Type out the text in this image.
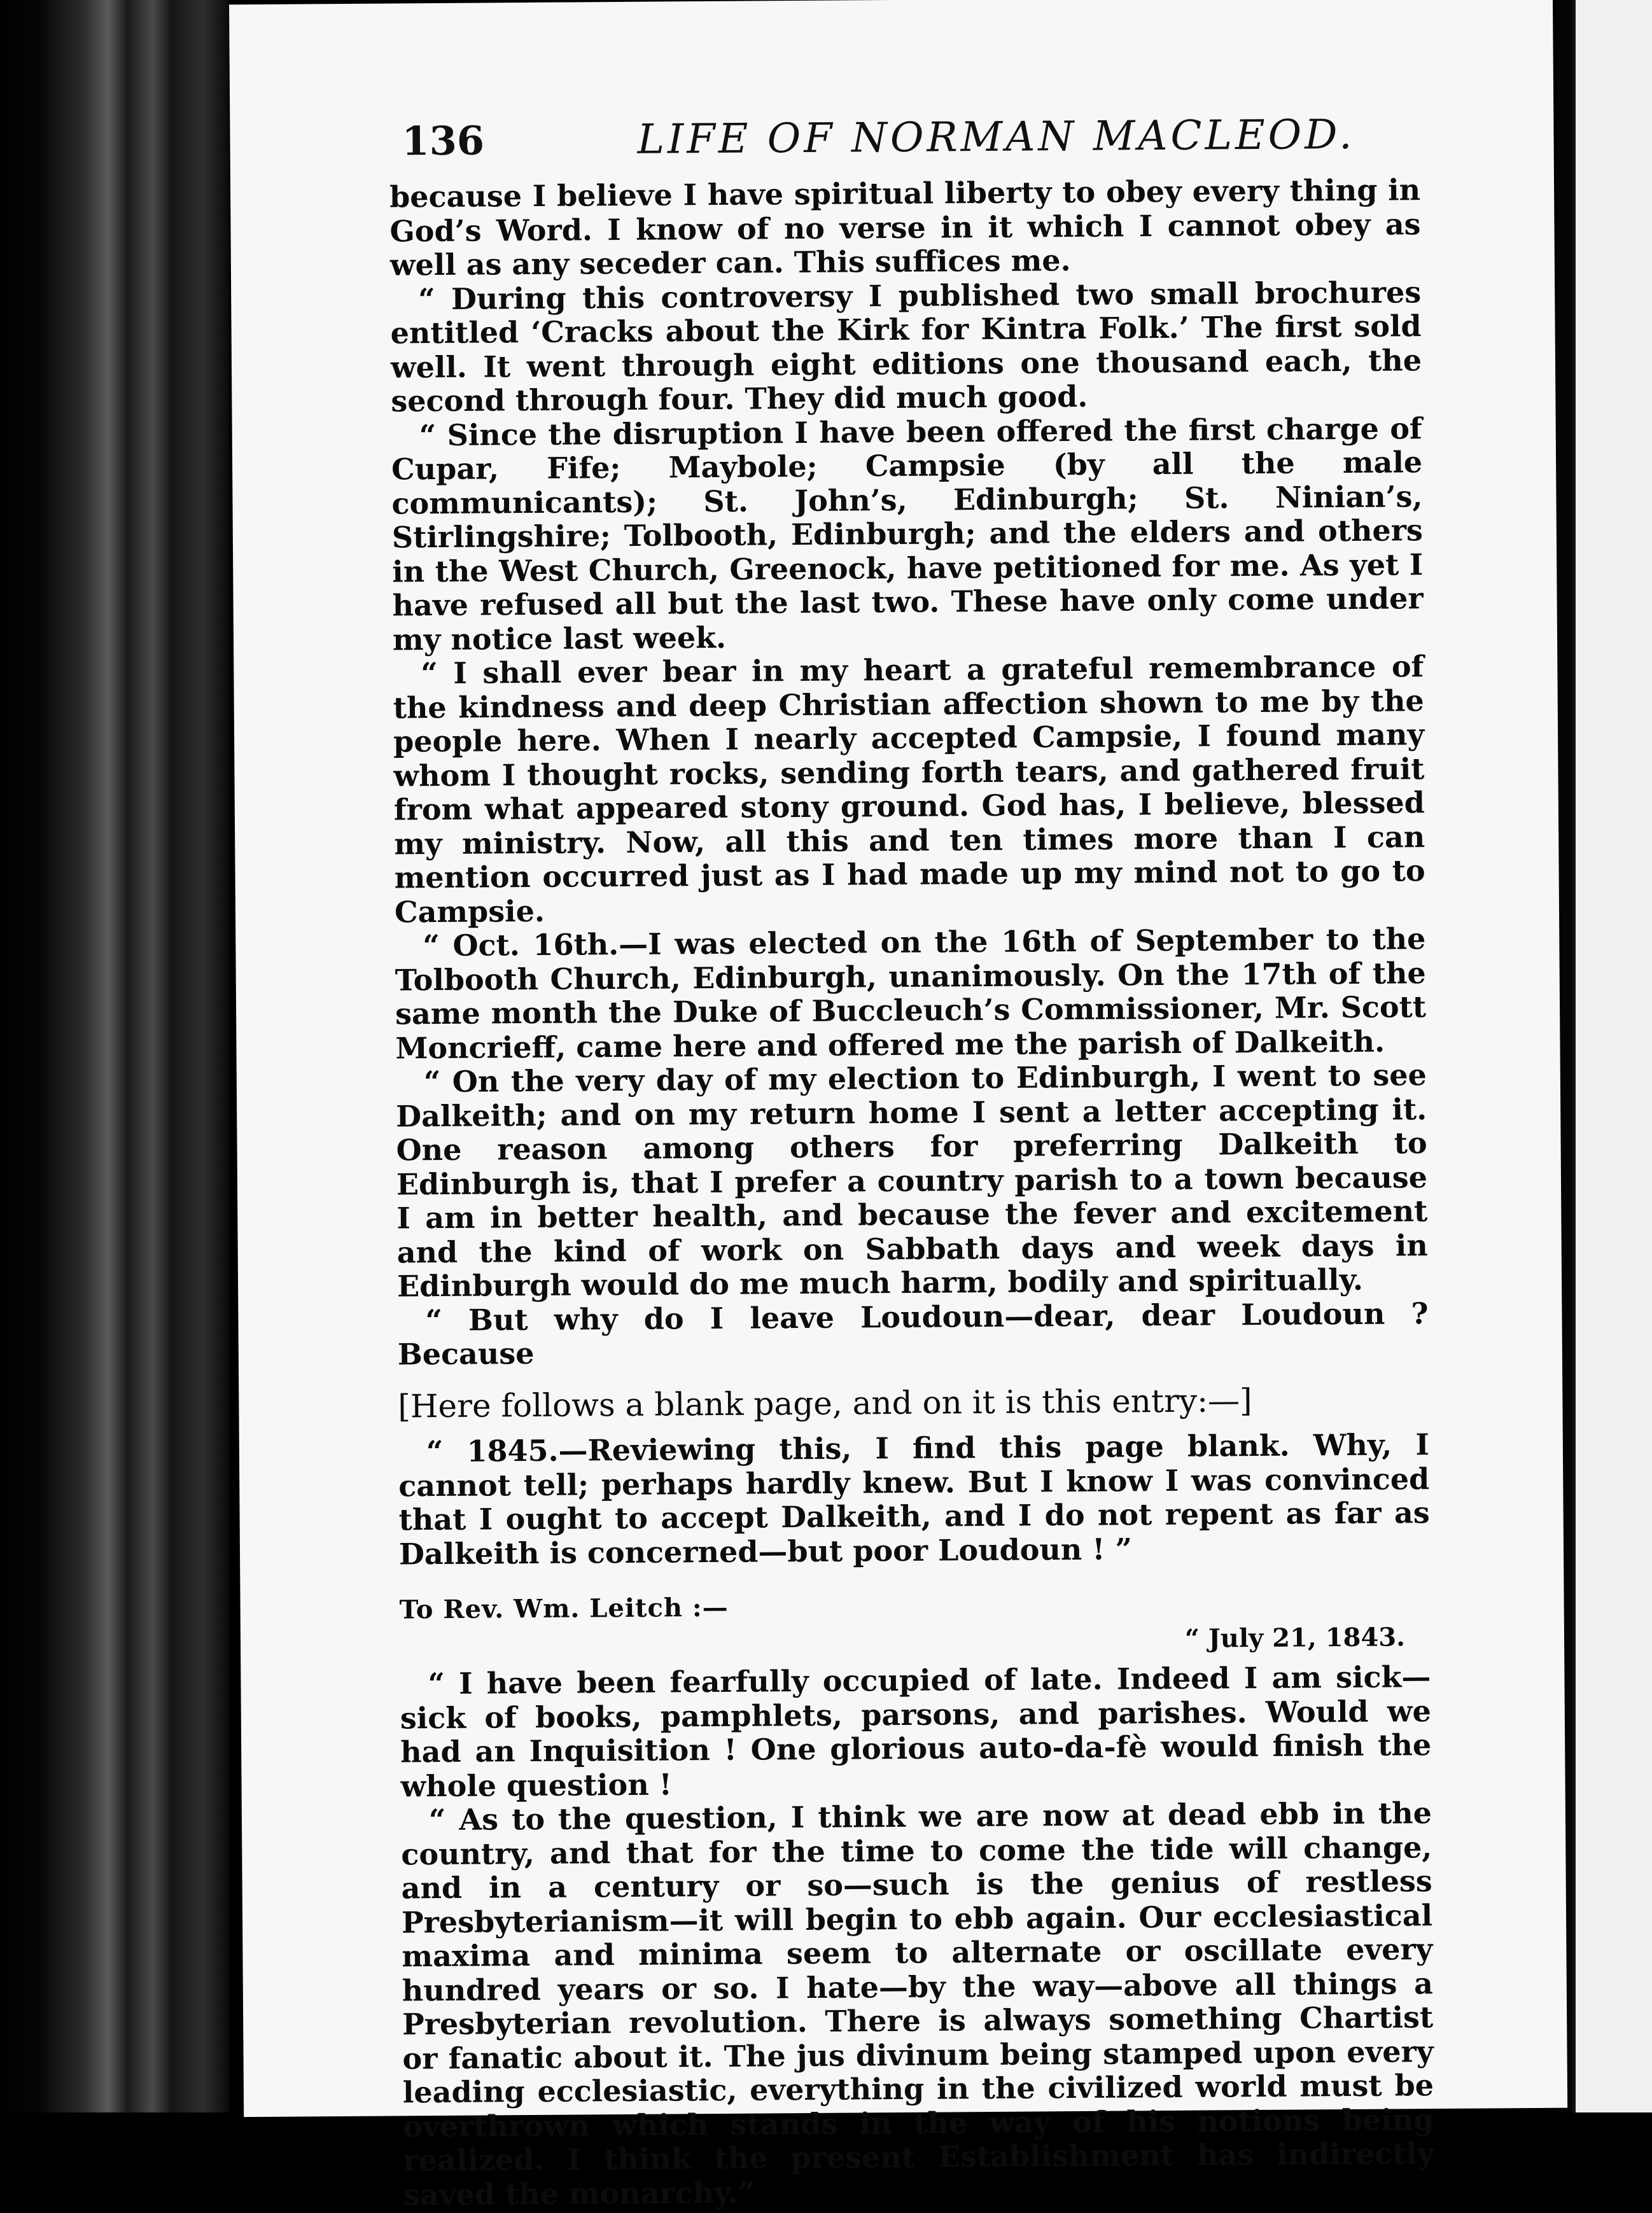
136	LIFE OF NORMAN MACLEOD.

because I believe I have spiritual liberty to obey every thing in God’s Word. I know of no verse in it which I cannot obey as well as any seceder can. This suffices me.

“ During this controversy I published two small brochures entitled ‘Cracks about the Kirk for Kintra Folk.’ The first sold well. It went through eight editions one thousand each, the second through four. They did much good.

“ Since the disruption I have been offered the first charge of Cupar, Fife; Maybole; Campsie (by all the male communicants); St. John’s, Edinburgh; St. Ninian’s, Stirlingshire; Tolbooth, Edinburgh; and the elders and others in the West Church, Greenock, have petitioned for me. As yet I have refused all but the last two. These have only come under my notice last week.

“ I shall ever bear in my heart a grateful remembrance of the kindness and deep Christian affection shown to me by the people here. When I nearly accepted Campsie, I found many whom I thought rocks, sending forth tears, and gathered fruit from what appeared stony ground. God has, I believe, blessed my ministry. Now, all this and ten times more than I can mention occurred just as I had made up my mind not to go to Campsie.

“ Oct. 16th.—I was elected on the 16th of September to the Tolbooth Church, Edinburgh, unanimously. On the 17th of the same month the Duke of Buccleuch’s Commissioner, Mr. Scott Moncrieff, came here and offered me the parish of Dalkeith.

“ On the very day of my election to Edinburgh, I went to see Dalkeith; and on my return home I sent a letter accepting it. One reason among others for preferring Dalkeith to Edinburgh is, that I prefer a country parish to a town because I am in better health, and because the fever and excitement and the kind of work on Sabbath days and week days in Edinburgh would do me much harm, bodily and spiritually.

“ But why do I leave Loudoun—dear, dear Loudoun ? Because

[Here follows a blank page, and on it is this entry:—]

“ 1845.—Reviewing this, I find this page blank. Why, I cannot tell; perhaps hardly knew. But I know I was convinced that I ought to accept Dalkeith, and I do not repent as far as Dalkeith is concerned—but poor Loudoun ! ”

To Rev. Wm. Leitch :—

“ July 21, 1843.

“ I have been fearfully occupied of late. Indeed I am sick—sick of books, pamphlets, parsons, and parishes. Would we had an Inquisition ! One glorious auto-da-fè would finish the whole question !

“ As to the question, I think we are now at dead ebb in the country, and that for the time to come the tide will change, and in a century or so—such is the genius of restless Presbyterianism—it will begin to ebb again. Our ecclesiastical maxima and minima seem to alternate or oscillate every hundred years or so. I hate—by the way—above all things a Presbyterian revolution. There is always something Chartist or fanatic about it. The jus divinum being stamped upon every leading ecclesiastic, everything in the civilized world must be overthrown which stands in the way of his notions being realized. I think the present Establishment has indirectly saved the monarchy.”
